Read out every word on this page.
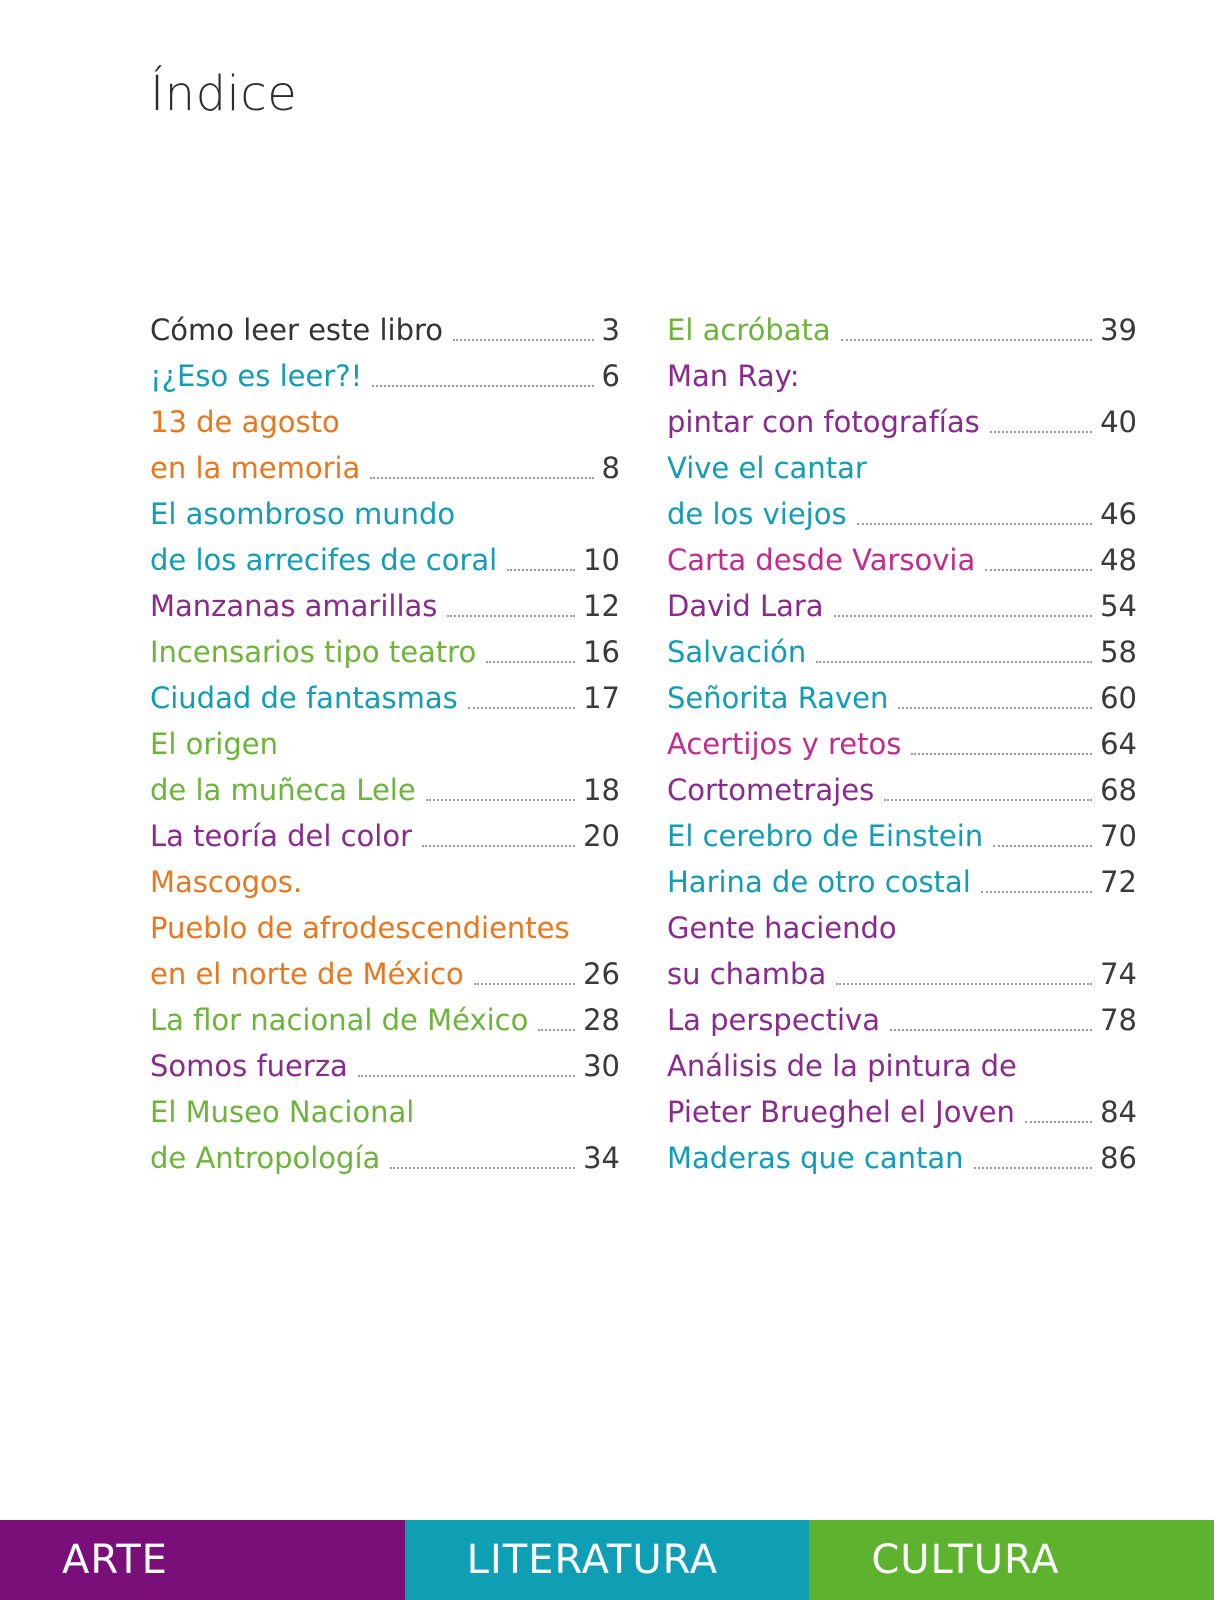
Índice
Cómo leer este libro	3
¡¿Eso es leer?!	6
13 de agosto
en la memoria	8
El asombroso mundo
de los arrecifes de coral	10
Manzanas amarillas	12
Incensarios tipo teatro	16
Ciudad de fantasmas	17
El origen
de la muñeca Lele	18
La teoría del color	20
Mascogos.
Pueblo de afrodescendientes
en el norte de México	26
La flor nacional de México 28
Somos fuerza	30
El Museo Nacional
de Antropología	34
El acróbata	39
Man Ray:
pintar con fotografías	40
Vive el cantar
de los viejos	46
Carta desde Varsovia	48
David Lara	54
Salvación	58
Señorita Raven	60
Acertijos y retos	64
Cortometrajes	68
El cerebro de Einstein	70
Harina de otro costal	72
Gente haciendo
su chamba	74
La perspectiva	78
Análisis de la pintura de
Pieter Brueghel el Joven	84
Maderas que cantan	86
ARTE	LITERATURA	CULTURA
